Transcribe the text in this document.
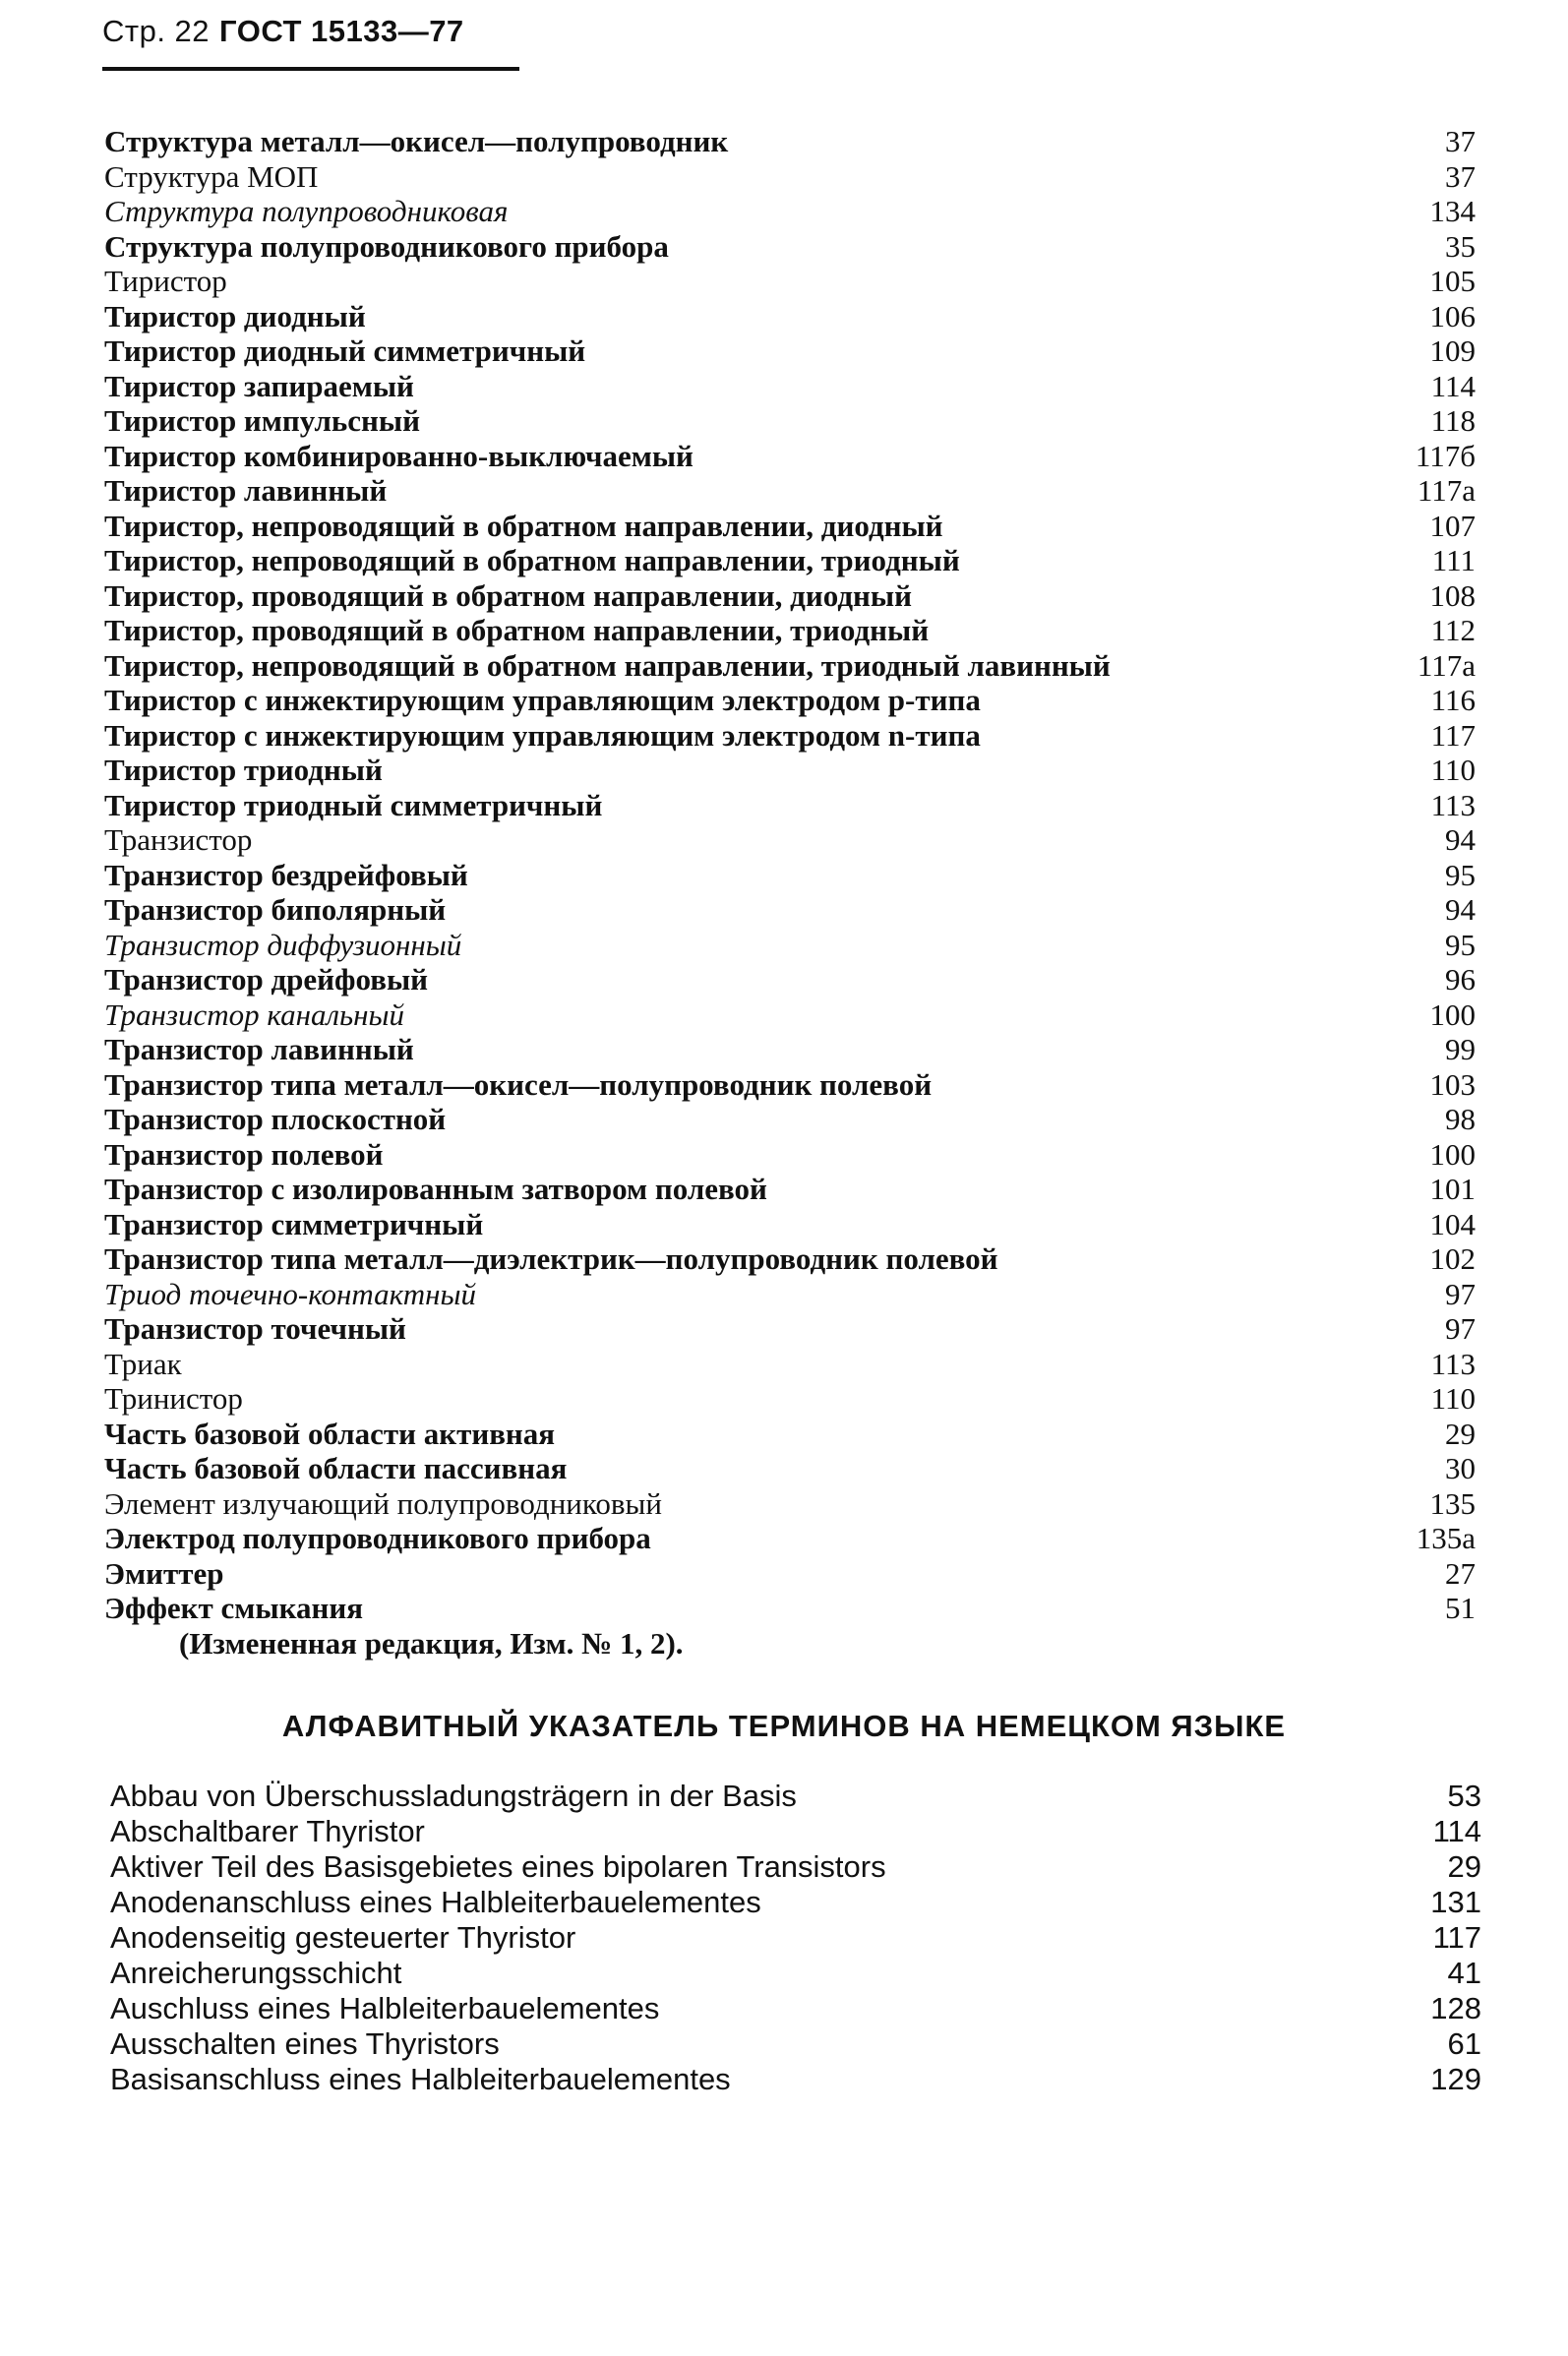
Стр. 22 ГОСТ 15133—77
Структура металл—окисел—полупроводник	37
Структура МОП	37
Структура полупроводниковая	134
Структура полупроводникового прибора	35
Тиристор	105
Тиристор диодный	106
Тиристор диодный симметричный	109
Тиристор запираемый	114
Тиристор импульсный	118
Тиристор комбинированно-выключаемый	117б
Тиристор лавинный	117а
Тиристор, непроводящий в обратном направлении, диодный	107
Тиристор, непроводящий в обратном направлении, триодный	111
Тиристор, проводящий в обратном направлении, диодный	108
Тиристор, проводящий в обратном направлении, триодный	112
Тиристор, непроводящий в обратном направлении, триодный лавинный	117а
Тиристор с инжектирующим управляющим электродом p-типа	116
Тиристор с инжектирующим управляющим электродом n-типа	117
Тиристор триодный	110
Тиристор триодный симметричный	113
Транзистор	94
Транзистор бездрейфовый	95
Транзистор биполярный	94
Транзистор диффузионный	95
Транзистор дрейфовый	96
Транзистор канальный	100
Транзистор лавинный	99
Транзистор типа металл—окисел—полупроводник полевой	103
Транзистор плоскостной	98
Транзистор полевой	100
Транзистор с изолированным затвором полевой	101
Транзистор симметричный	104
Транзистор типа металл—диэлектрик—полупроводник полевой	102
Триод точечно-контактный	97
Транзистор точечный	97
Триак	113
Тринистор	110
Часть базовой области активная	29
Часть базовой области пассивная	30
Элемент излучающий полупроводниковый	135
Электрод полупроводникового прибора	135а
Эмиттер	27
Эффект смыкания	51
(Измененная редакция, Изм. № 1, 2).
АЛФАВИТНЫЙ УКАЗАТЕЛЬ ТЕРМИНОВ НА НЕМЕЦКОМ ЯЗЫКЕ
Abbau von Überschussladungsträgern in der Basis	53
Abschaltbarer Thyristor	114
Aktiver Teil des Basisgebietes eines bipolaren Transistors	29
Anodenanschluss eines Halbleiterbauelementes	131
Anodenseitig gesteuerter Thyristor	117
Anreicherungsschicht	41
Auschluss eines Halbleiterbauelementes	128
Ausschalten eines Thyristors	61
Basisanschluss eines Halbleiterbauelementes	129
